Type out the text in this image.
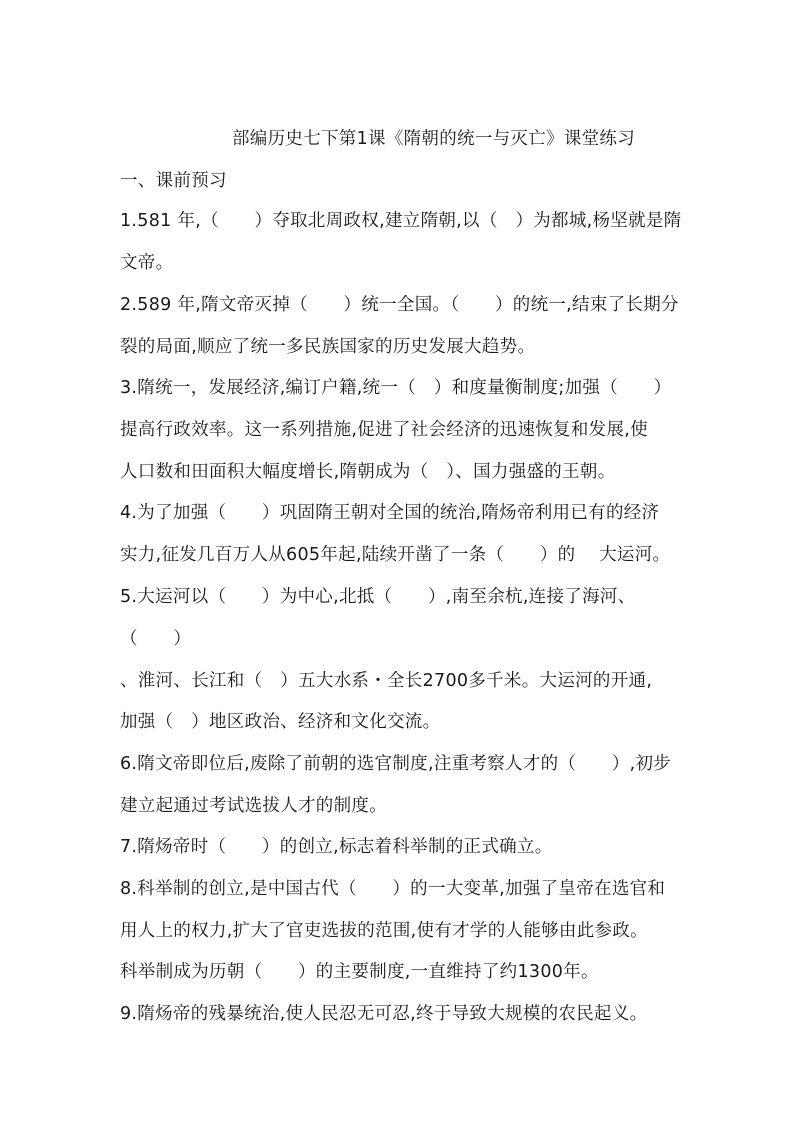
部编历史七下第1课《隋朝的统一与灭亡》课堂练习
一、课前预习
1.581 年,（　　）夺取北周政权,建立隋朝,以（　）为都城,杨坚就是隋
文帝。
2.589 年,隋文帝灭掉（　　）统一全国。（　　）的统一,结束了长期分
裂的局面,顺应了统一多民族国家的历史发展大趋势。
3.隋统一，发展经济,编订户籍,统一（　）和度量衡制度;加强（　　）
提高行政效率。这一系列措施,促进了社会经济的迅速恢复和发展,使
人口数和田面积大幅度增长,隋朝成为（　）、国力强盛的王朝。
4.为了加强（　　）巩固隋王朝对全国的统治,隋炀帝利用已有的经济
实力,征发几百万人从605年起,陆续开凿了一条（　　）的　 大运河。
5.大运河以（　　）为中心,北抵（　　）,南至余杭,连接了海河、
（　　）
、淮河、长江和（　）五大水系・全长2700多千米。大运河的开通,
加强（　）地区政治、经济和文化交流。
6.隋文帝即位后,废除了前朝的选官制度,注重考察人才的（　　）,初步
建立起通过考试选拔人才的制度。
7.隋炀帝时（　　）的创立,标志着科举制的正式确立。
8.科举制的创立,是中国古代（　　）的一大变革,加强了皇帝在选官和
用人上的权力,扩大了官吏选拔的范围,使有才学的人能够由此参政。
科举制成为历朝（　　）的主要制度,一直维持了约1300年。
9.隋炀帝的残暴统治,使人民忍无可忍,终于导致大规模的农民起义。
